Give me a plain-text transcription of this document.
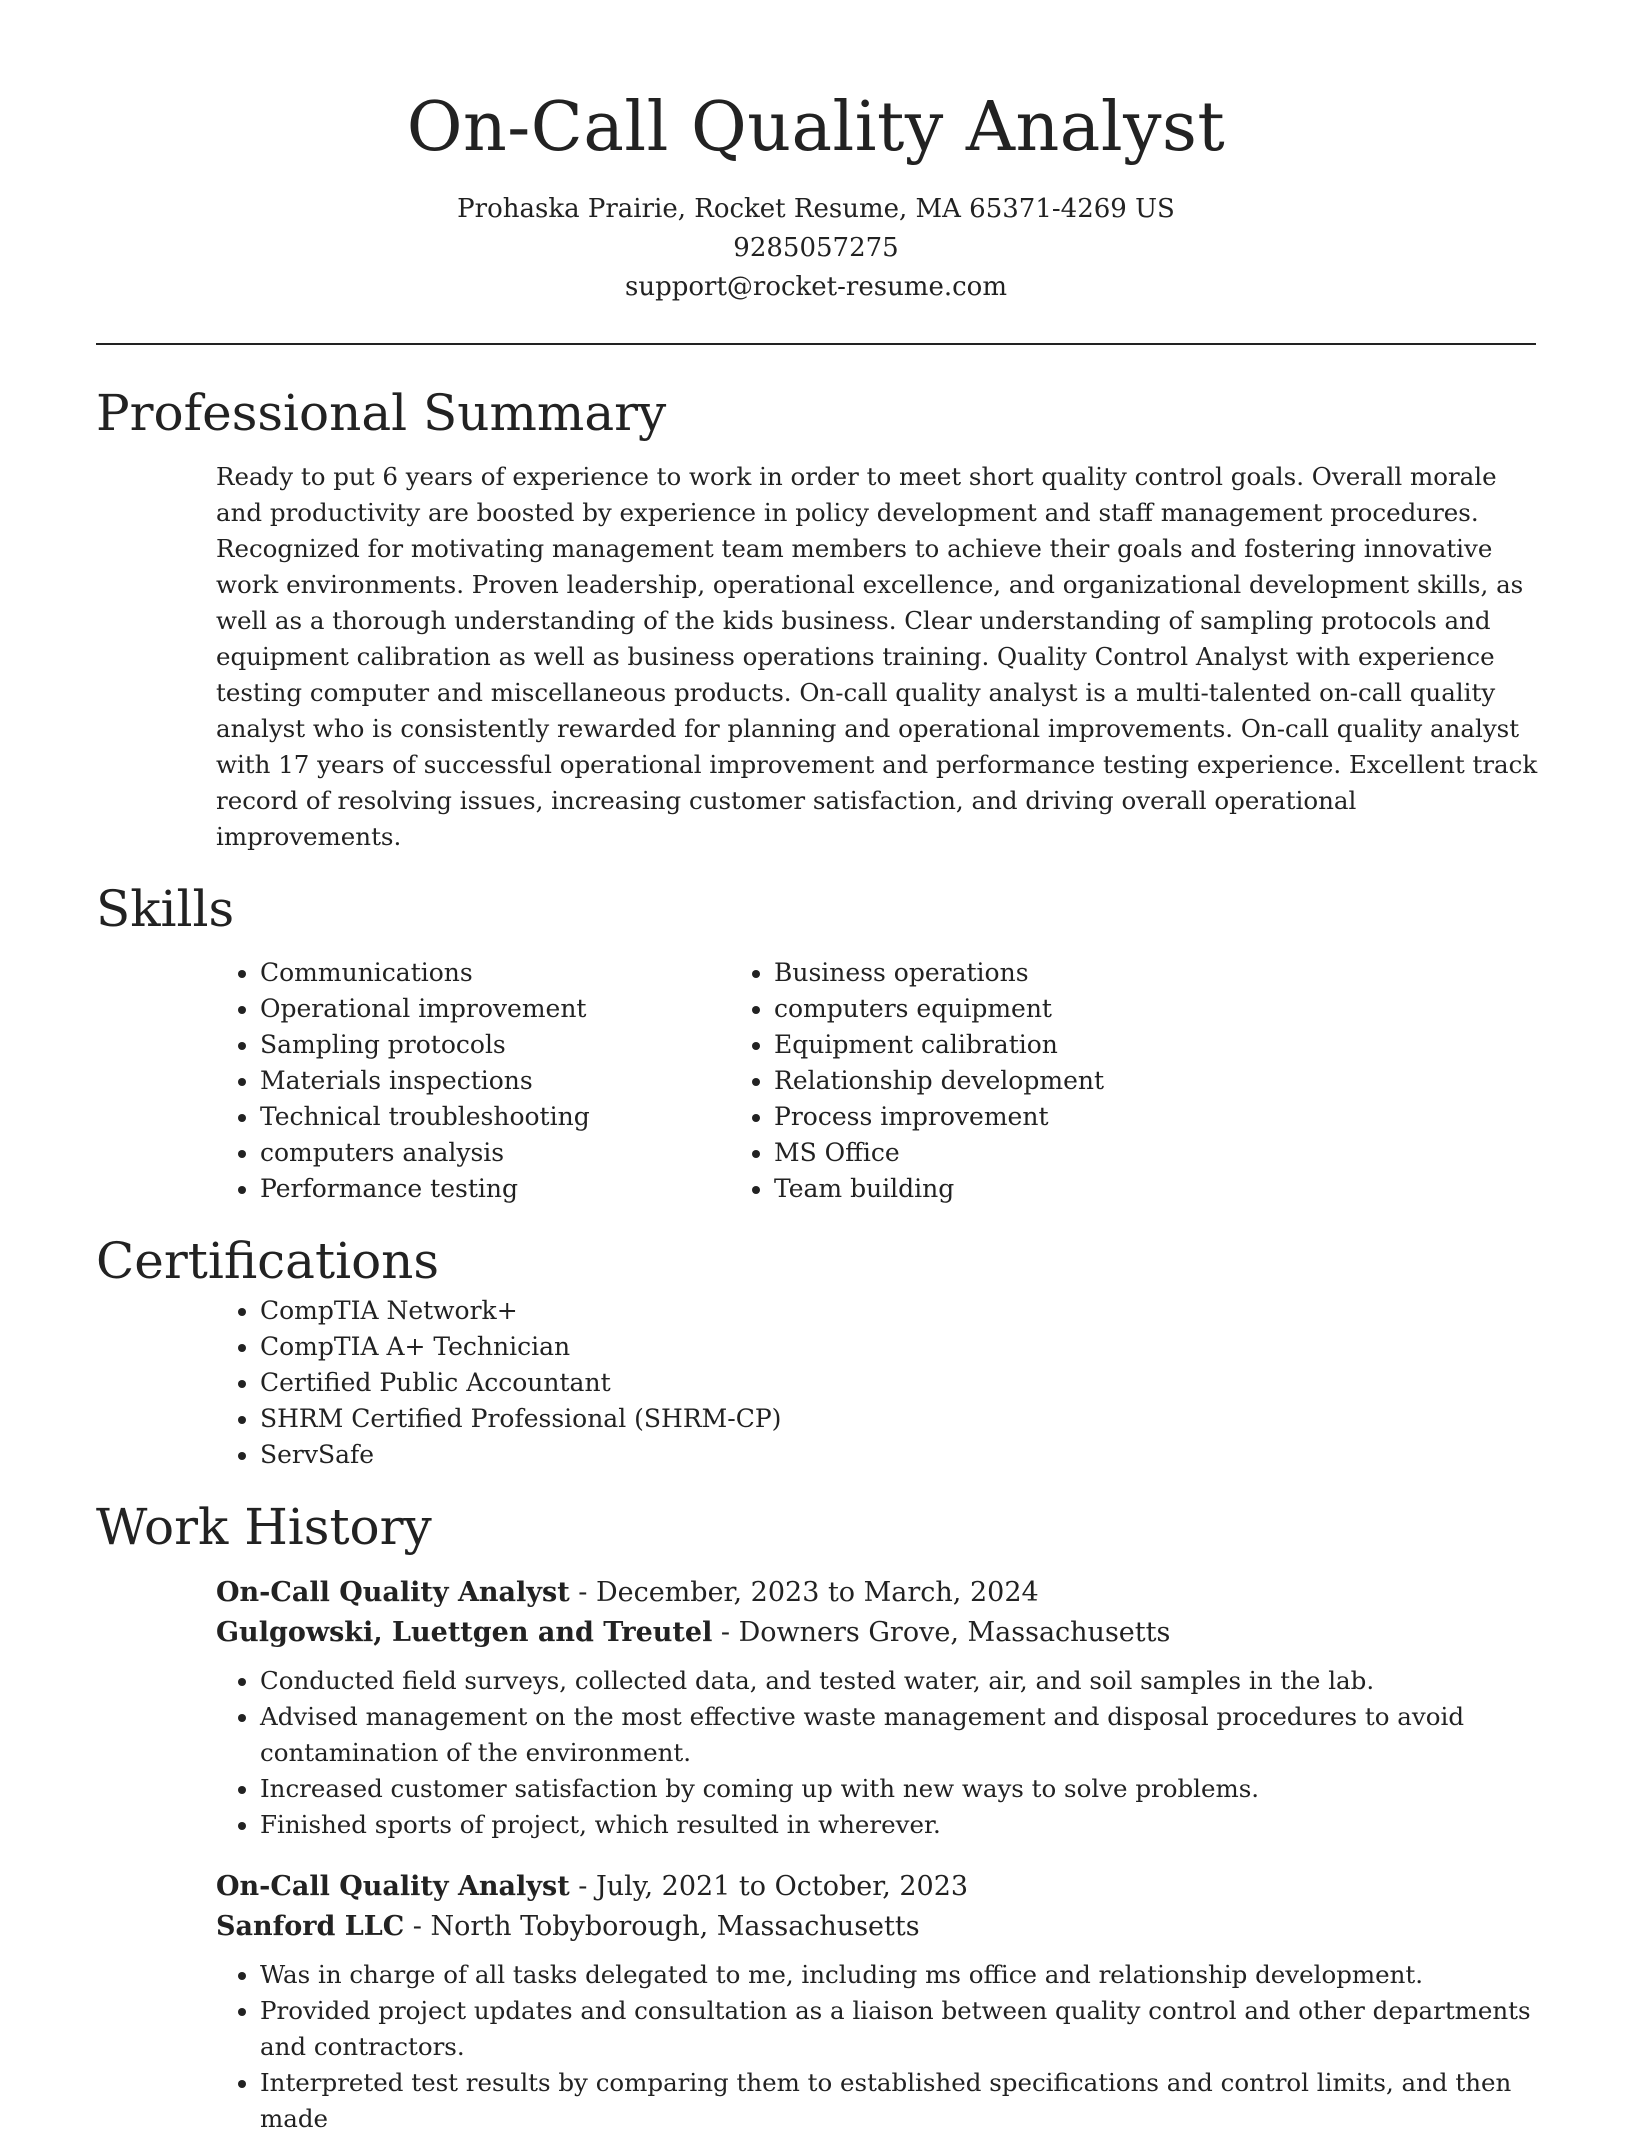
On-Call Quality Analyst
Prohaska Prairie, Rocket Resume, MA 65371-4269 US
9285057275
support@rocket-resume.com
Professional Summary

Ready to put 6 years of experience to work in order to meet short quality control goals. Overall morale and productivity are boosted by experience in policy development and staff management procedures. Recognized for motivating management team members to achieve their goals and fostering innovative work environments. Proven leadership, operational excellence, and organizational development skills, as well as a thorough understanding of the kids business. Clear understanding of sampling protocols and equipment calibration as well as business operations training. Quality Control Analyst with experience testing computer and miscellaneous products. On-call quality analyst is a multi-talented on-call quality analyst who is consistently rewarded for planning and operational improvements. On-call quality analyst with 17 years of successful operational improvement and performance testing experience. Excellent track record of resolving issues, increasing customer satisfaction, and driving overall operational improvements.

Skills
• Communications
• Operational improvement
• Sampling protocols
• Materials inspections
• Technical troubleshooting
• computers analysis
• Performance testing
• Business operations
• computers equipment
• Equipment calibration
• Relationship development
• Process improvement
• MS Office
• Team building
Certifications
• CompTIA Network+
• CompTIA A+ Technician
• Certified Public Accountant
• SHRM Certified Professional (SHRM-CP)
• ServSafe
Work History
On-Call Quality Analyst - December, 2023 to March, 2024
Gulgowski, Luettgen and Treutel - Downers Grove, Massachusetts
• Conducted field surveys, collected data, and tested water, air, and soil samples in the lab.
• Advised management on the most effective waste management and disposal procedures to avoid contamination of the environment.
• Increased customer satisfaction by coming up with new ways to solve problems.
• Finished sports of project, which resulted in wherever.
On-Call Quality Analyst - July, 2021 to October, 2023
Sanford LLC - North Tobyborough, Massachusetts
• Was in charge of all tasks delegated to me, including ms office and relationship development.
• Provided project updates and consultation as a liaison between quality control and other departments and contractors.
• Interpreted test results by comparing them to established specifications and control limits, and then made
